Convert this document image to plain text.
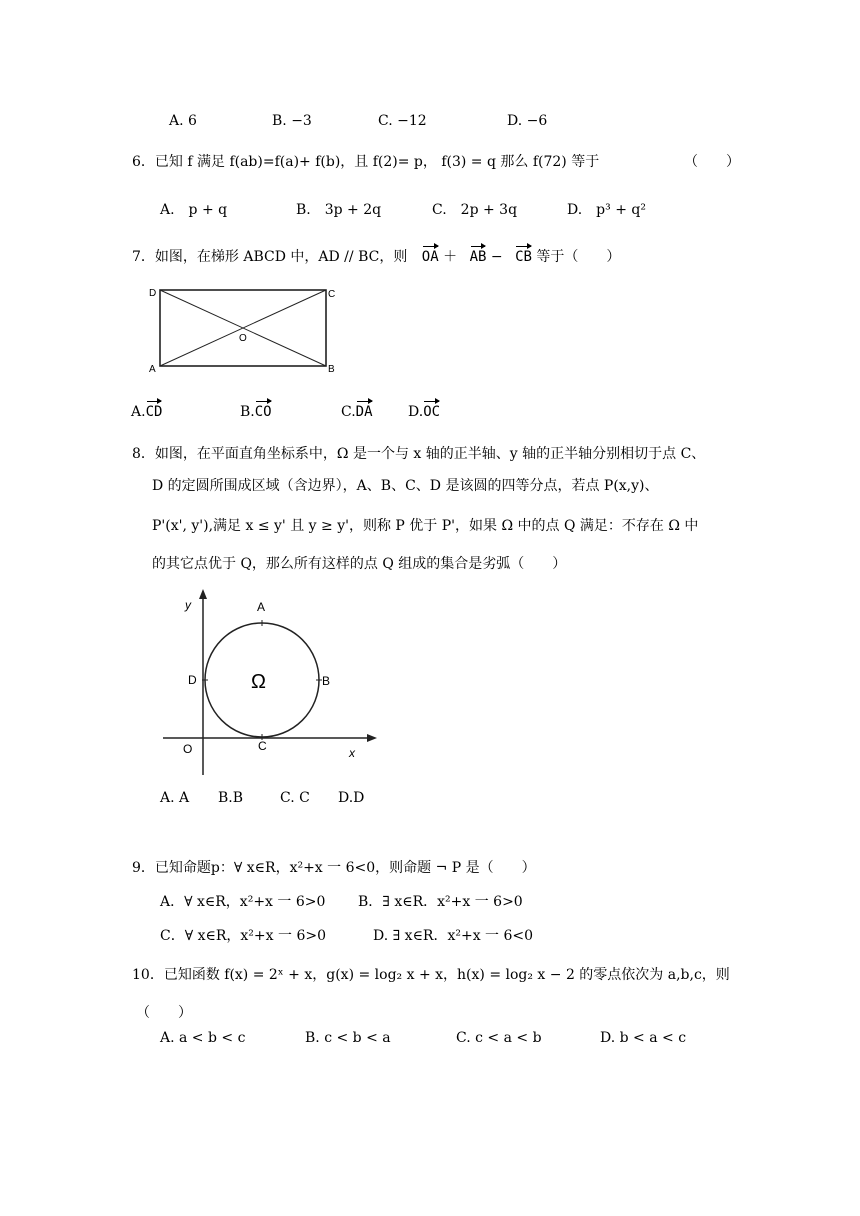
A. 6	B. −3	C. −12	D. −6
6．已知 f 满足 f(ab)=f(a)+ f(b)，且 f(2)= p， f(3) = q 那么 f(72) 等于	（　　）
A.　p + q	B.　3p + 2q	C.　2p + 3q	D.　p³ + q²
7．如图，在梯形 ABCD 中，AD // BC，则 OA ＋ AB − CB 等于（　　）
D	C
A	B
O
A.CD	B.CO	C.DA	D.OC
8．如图，在平面直角坐标系中，Ω 是一个与 x 轴的正半轴、y 轴的正半轴分别相切于点 C、
D 的定圆所围成区域（含边界），A、B、C、D 是该圆的四等分点，若点 P(x,y)、
P'(x', y'),满足 x ≤ y' 且 y ≥ y'，则称 P 优于 P'，如果 Ω 中的点 Q 满足：不存在 Ω 中
的其它点优于 Q，那么所有这样的点 Q 组成的集合是劣弧（　　）
y
x
O
A
B
C
D	Ω
A. A B.B	C. C D.D
9．已知命题p：∀ x∈R，x²+x 一 6<0，则命题 ¬ P 是（　　）
A．∀ x∈R，x²+x 一 6>0 B．∃ x∈R．x²+x 一 6>0
C．∀ x∈R，x²+x 一 6>0	D. ∃ x∈R．x²+x 一 6<0
10．已知函数 f(x) = 2ˣ + x，g(x) = log₂ x + x，h(x) = log₂ x − 2 的零点依次为 a,b,c，则
（　　）
A. a < b < c	B. c < b < a	C. c < a < b	D. b < a < c
